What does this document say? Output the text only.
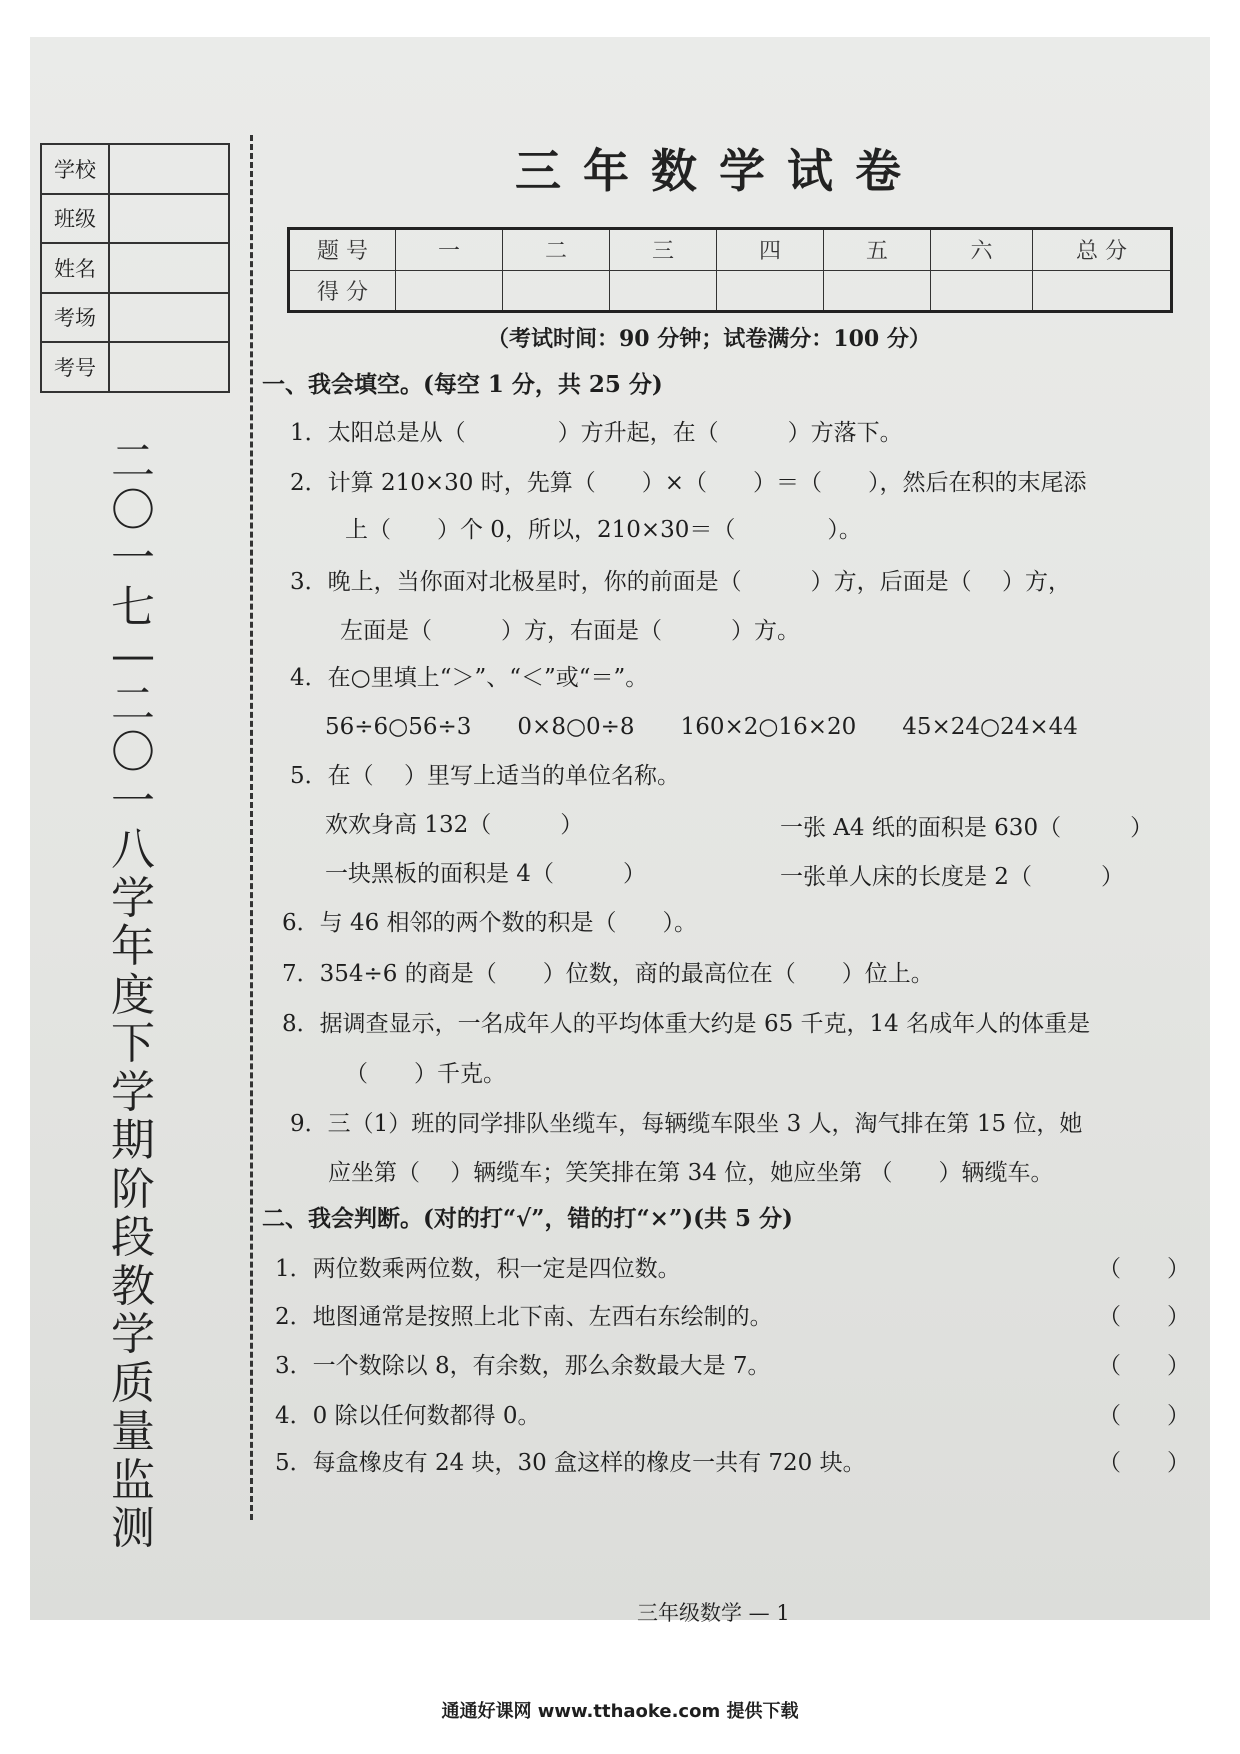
学校
班级
姓名
考场
考号
二〇一七—二〇一八学年度下学期阶段教学质量监测
三年数学试卷
题 号	一	二	三	四	五	六	总 分
得 分							
（考试时间：90 分钟；试卷满分：100 分）
一、我会填空。(每空 1 分，共 25 分)
1．太阳总是从（　　　　）方升起，在（　　　）方落下。
2．计算 210×30 时，先算（　　）×（　　）＝（　　），然后在积的末尾添
上（　　）个 0，所以，210×30＝（　　　　）。
3．晚上，当你面对北极星时，你的前面是（　　　）方，后面是（　 ）方，
左面是（　　　）方，右面是（　　　）方。
4．在○里填上“＞”、“＜”或“＝”。
56÷6○56÷3　　0×8○0÷8　　160×2○16×20　　45×24○24×44
5．在（　 ）里写上适当的单位名称。
欢欢身高 132（　　　）	一张 A4 纸的面积是 630（　　　）
一块黑板的面积是 4（　　　）	一张单人床的长度是 2（　　　）
6．与 46 相邻的两个数的积是（　　）。
7．354÷6 的商是（　　）位数，商的最高位在（　　）位上。
8．据调查显示，一名成年人的平均体重大约是 65 千克，14 名成年人的体重是
（　　）千克。
9．三（1）班的同学排队坐缆车，每辆缆车限坐 3 人，淘气排在第 15 位，她
应坐第（　 ）辆缆车；笑笑排在第 34 位，她应坐第 （　　）辆缆车。
二、我会判断。(对的打“√”，错的打“×”)(共 5 分)
1．两位数乘两位数，积一定是四位数。	（　　）
2．地图通常是按照上北下南、左西右东绘制的。	（　　）
3．一个数除以 8，有余数，那么余数最大是 7。	（　　）
4．0 除以任何数都得 0。	（　　）
5．每盒橡皮有 24 块，30 盒这样的橡皮一共有 720 块。	（　　）
三年级数学 — 1
通通好课网 www.tthaoke.com 提供下载
